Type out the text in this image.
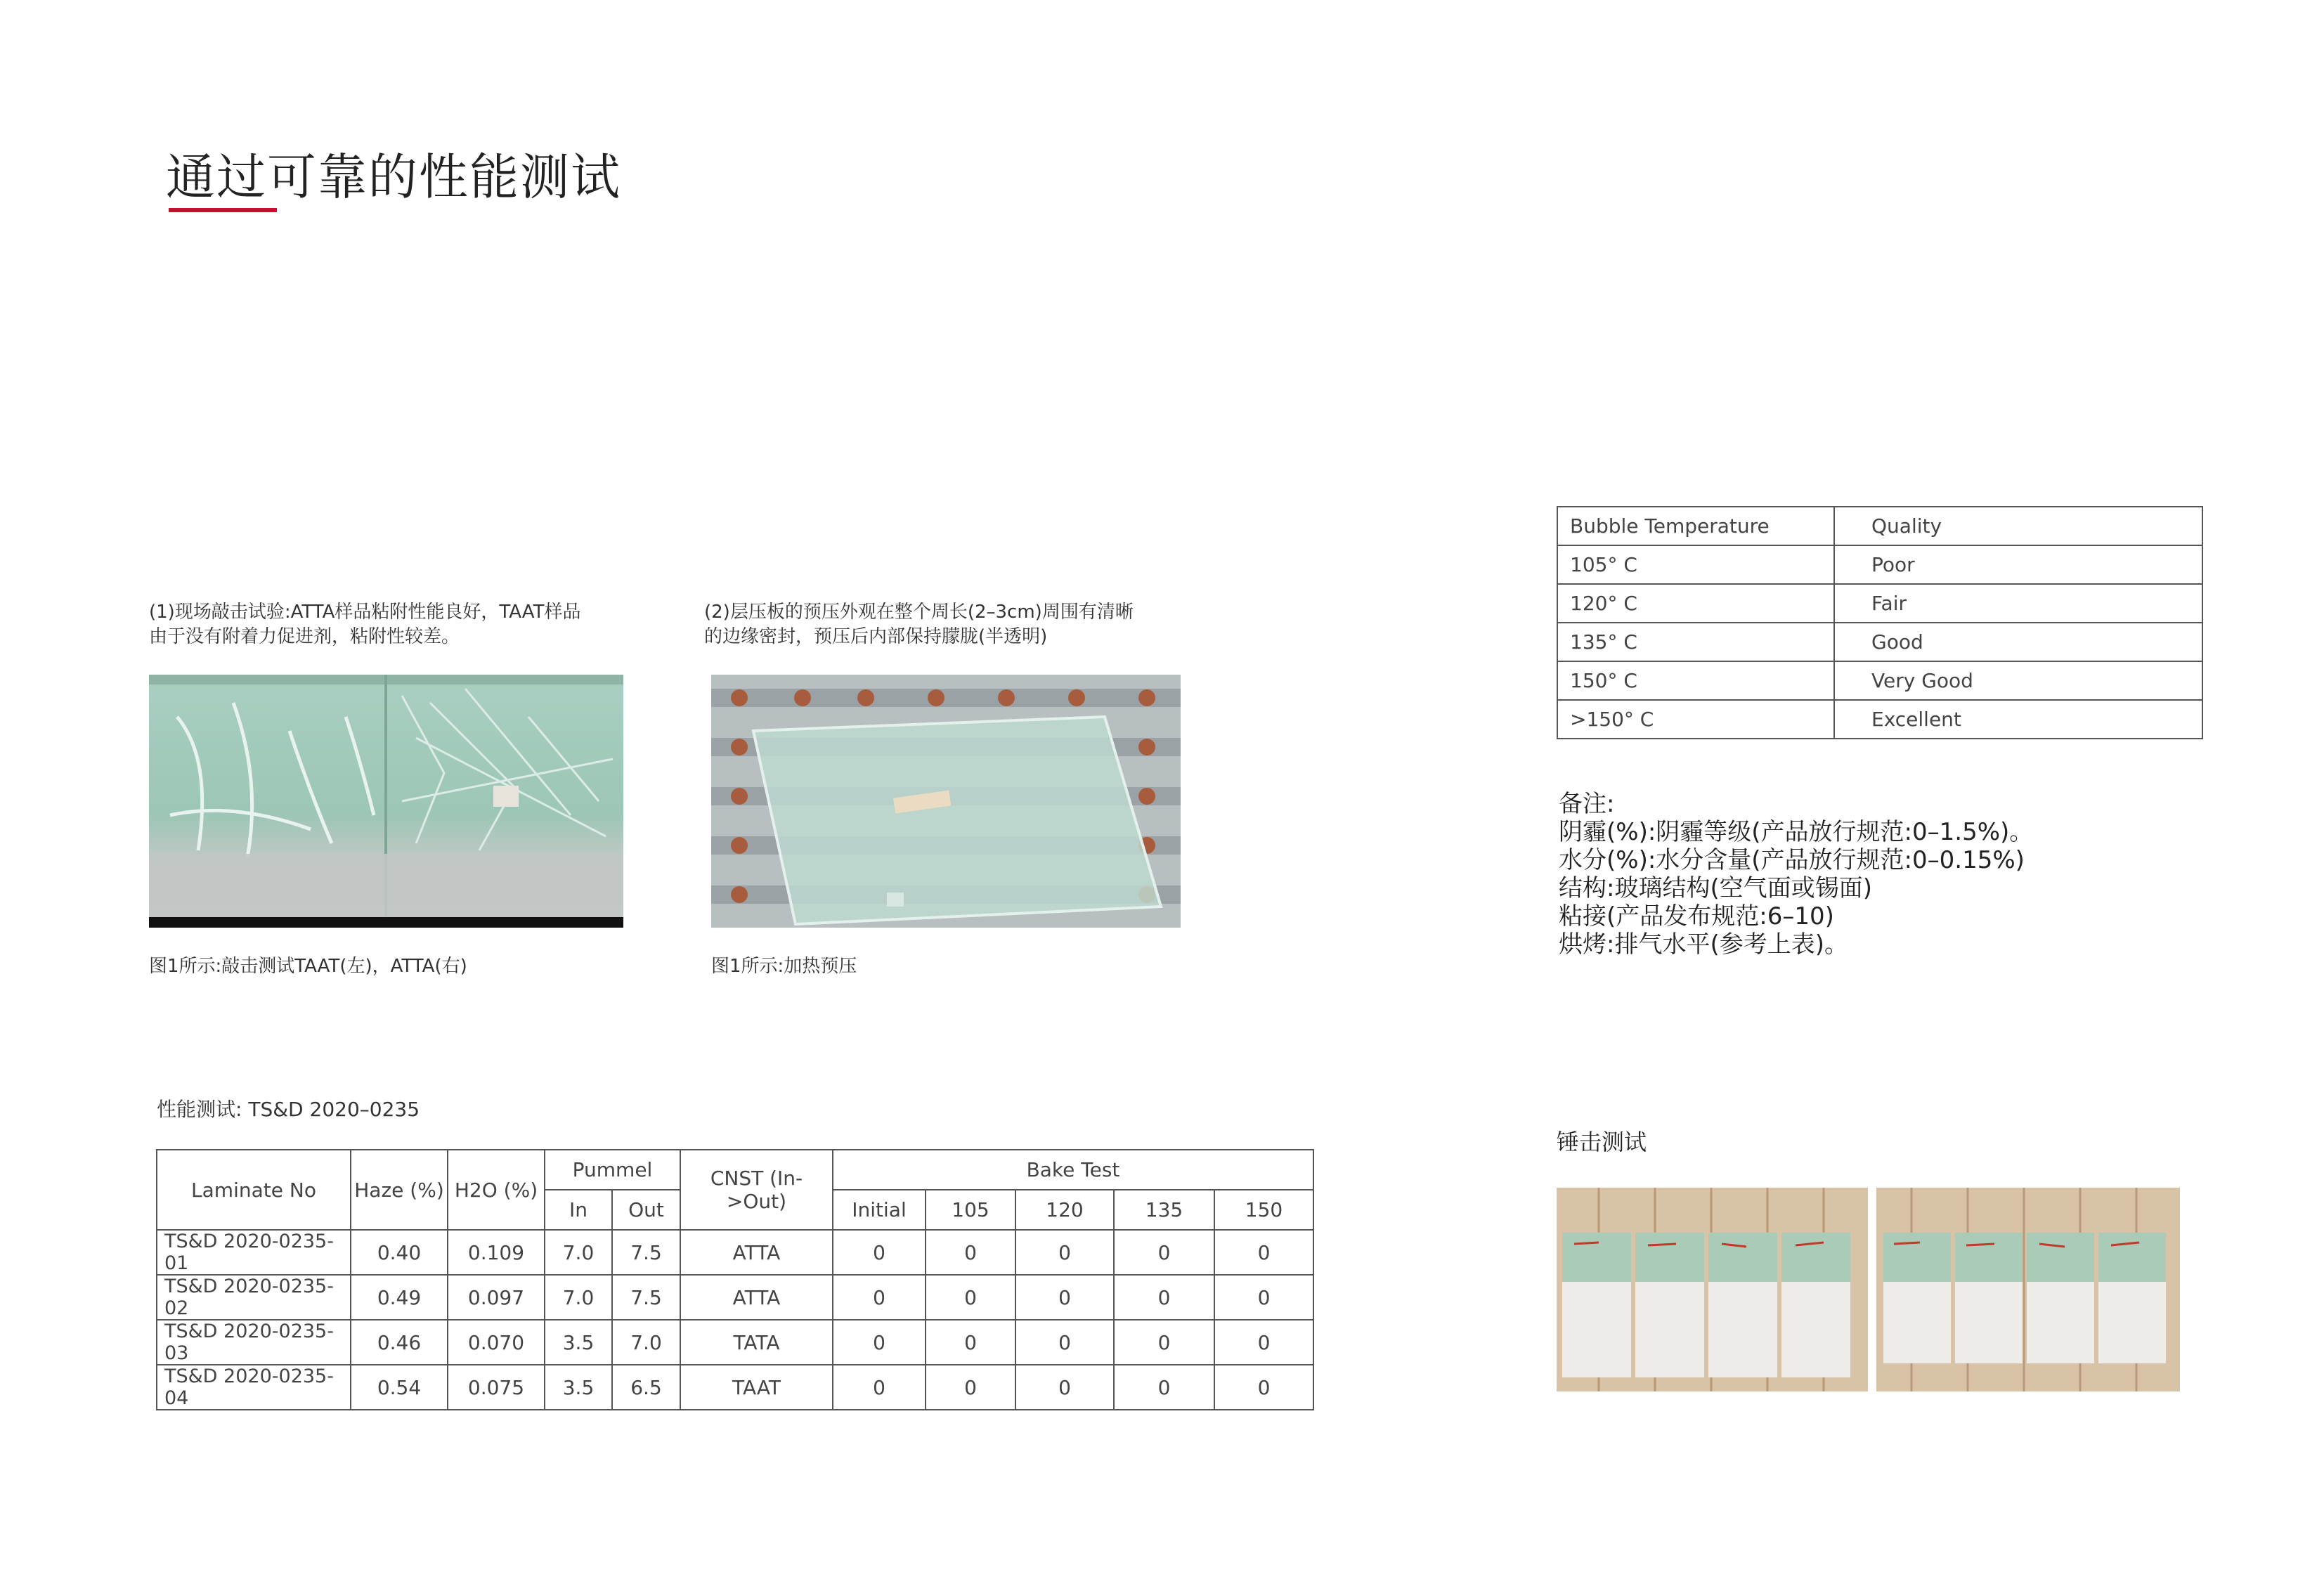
通过可靠的性能测试
(1)现场敲击试验:ATTA样品粘附性能良好，TAAT样品
由于没有附着力促进剂，粘附性较差。
(2)层压板的预压外观在整个周长(2–3cm)周围有清晰
的边缘密封，预压后内部保持朦胧(半透明)
图1所示:敲击测试TAAT(左)，ATTA(右)	图1所示:加热预压
Bubble Temperature	Quality
105° C	Poor
120° C	Fair
135° C	Good
150° C	Very Good
>150° C	Excellent
备注:
阴霾(%):阴霾等级(产品放行规范:0–1.5%)。
水分(%):水分含量(产品放行规范:0–0.15%)
结构:玻璃结构(空气面或锡面)
粘接(产品发布规范:6–10)
烘烤:排气水平(参考上表)。
锤击测试
性能测试: TS&D 2020–0235
Laminate No	Haze (%)	H2O (%)	Pummel		CNST (In->Out)	Bake Test				
			In	Out		Initial	105	120	135	150
TS&D 2020-0235-01	0.40	0.109	7.0	7.5	ATTA	0	0	0	0	0
TS&D 2020-0235-02	0.49	0.097	7.0	7.5	ATTA	0	0	0	0	0
TS&D 2020-0235-03	0.46	0.070	3.5	7.0	TATA	0	0	0	0	0
TS&D 2020-0235-04	0.54	0.075	3.5	6.5	TAAT	0	0	0	0	0
